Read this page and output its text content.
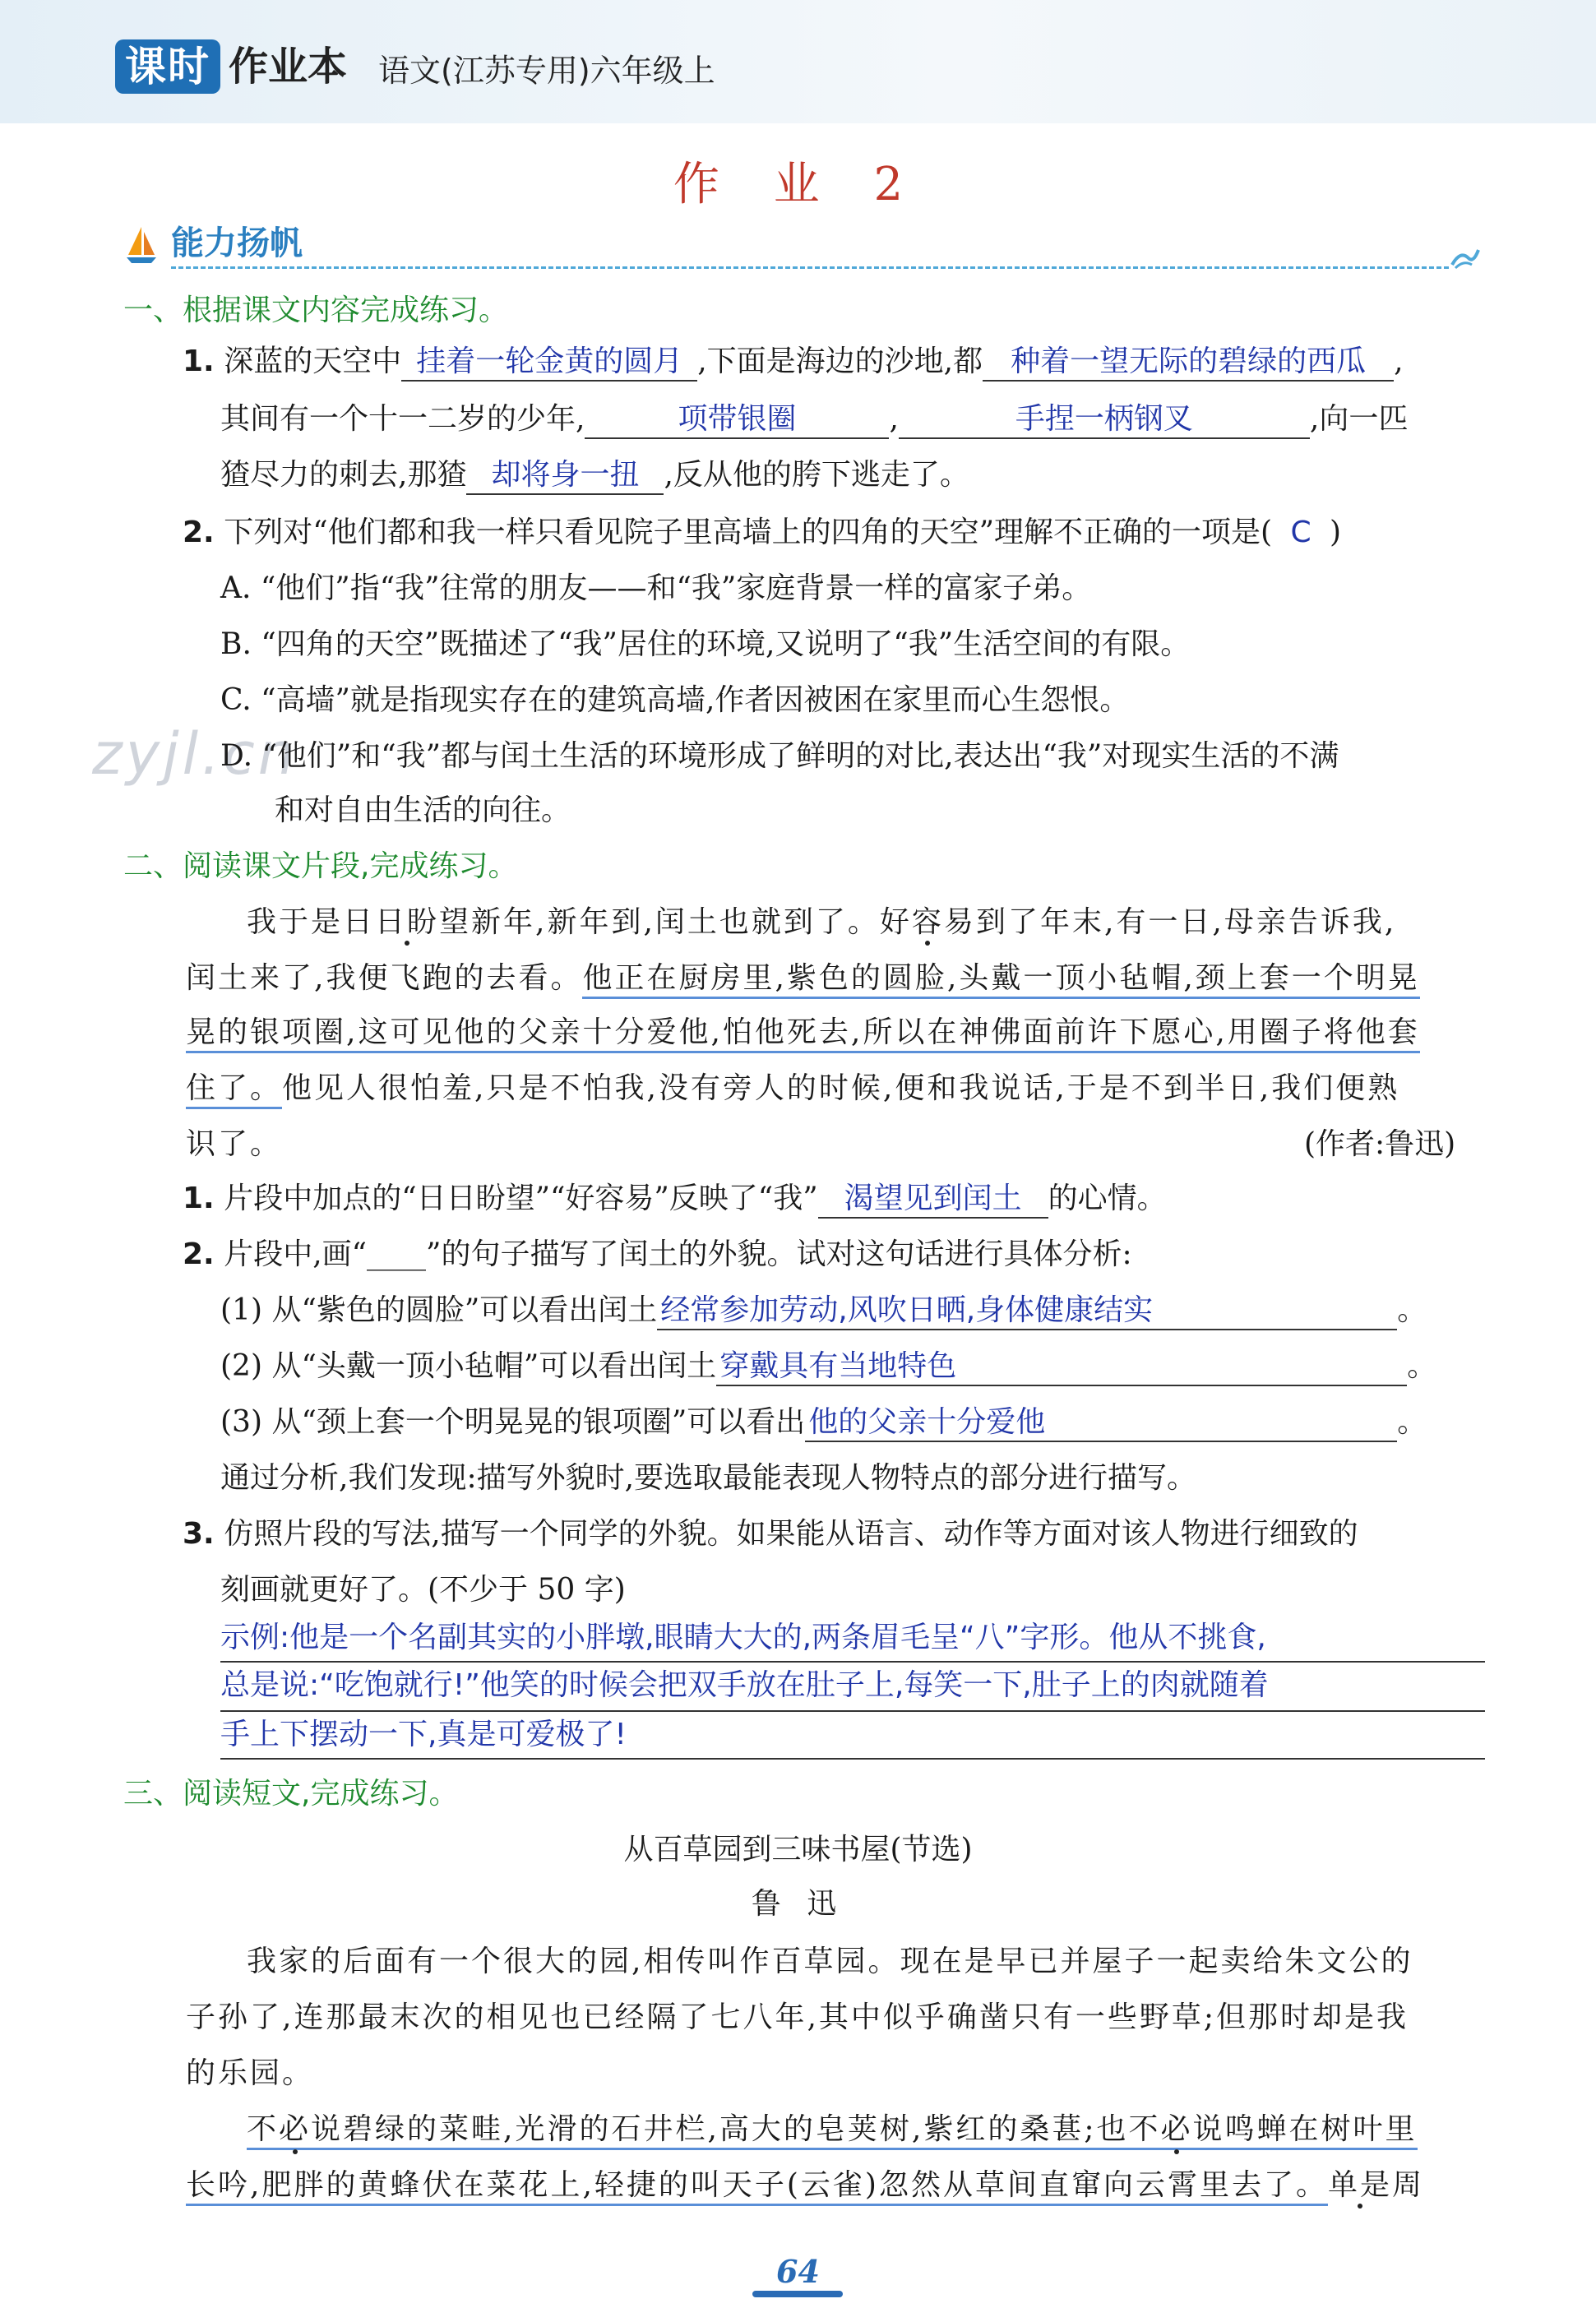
课时 作业本 语文(江苏专用)六年级上
作 业 2
能力扬帆
zyjl.cn
一、根据课文内容完成练习。
1. 深蓝的天空中 挂着一轮金黄的圆月 ,下面是海边的沙地,都 种着一望无际的碧绿的西瓜 ,
其间有一个十一二岁的少年,	项带银圈	,	手捏一柄钢叉	,向一匹
猹尽力的刺去,那猹 却将身一扭 ,反从他的胯下逃走了。
2. 下列对“他们都和我一样只看见院子里高墙上的四角的天空”理解不正确的一项是( C )
A. “他们”指“我”往常的朋友——和“我”家庭背景一样的富家子弟。
B. “四角的天空”既描述了“我”居住的环境,又说明了“我”生活空间的有限。
C. “高墙”就是指现实存在的建筑高墙,作者因被困在家里而心生怨恨。
D. “他们”和“我”都与闰土生活的环境形成了鲜明的对比,表达出“我”对现实生活的不满
和对自由生活的向往。
二、阅读课文片段,完成练习。
我于是日日盼望新年,新年到,闰土也就到了。好容易到了年末,有一日,母亲告诉我,
闰土来了,我便飞跑的去看。他正在厨房里,紫色的圆脸,头戴一顶小毡帽,颈上套一个明晃
晃的银项圈,这可见他的父亲十分爱他,怕他死去,所以在神佛面前许下愿心,用圈子将他套
住了。他见人很怕羞,只是不怕我,没有旁人的时候,便和我说话,于是不到半日,我们便熟
识了。	(作者:鲁迅)
1. 片段中加点的“日日盼望”“好容易”反映了“我” 渴望见到闰土 的心情。
2. 片段中,画“____”的句子描写了闰土的外貌。试对这句话进行具体分析:
(1) 从“紫色的圆脸”可以看出闰土 经常参加劳动,风吹日晒,身体健康结实	。
(2) 从“头戴一顶小毡帽”可以看出闰土 穿戴具有当地特色	。
(3) 从“颈上套一个明晃晃的银项圈”可以看出 他的父亲十分爱他	。
通过分析,我们发现:描写外貌时,要选取最能表现人物特点的部分进行描写。
3. 仿照片段的写法,描写一个同学的外貌。如果能从语言、动作等方面对该人物进行细致的
刻画就更好了。(不少于 50 字)
示例:他是一个名副其实的小胖墩,眼睛大大的,两条眉毛呈“八”字形。他从不挑食,
总是说:“吃饱就行!”他笑的时候会把双手放在肚子上,每笑一下,肚子上的肉就随着
手上下摆动一下,真是可爱极了!
三、阅读短文,完成练习。
从百草园到三味书屋(节选)
鲁 迅
我家的后面有一个很大的园,相传叫作百草园。现在是早已并屋子一起卖给朱文公的
子孙了,连那最末次的相见也已经隔了七八年,其中似乎确凿只有一些野草;但那时却是我
的乐园。
不必说碧绿的菜畦,光滑的石井栏,高大的皂荚树,紫红的桑葚;也不必说鸣蝉在树叶里
长吟,肥胖的黄蜂伏在菜花上,轻捷的叫天子(云雀)忽然从草间直窜向云霄里去了。单是周
64
